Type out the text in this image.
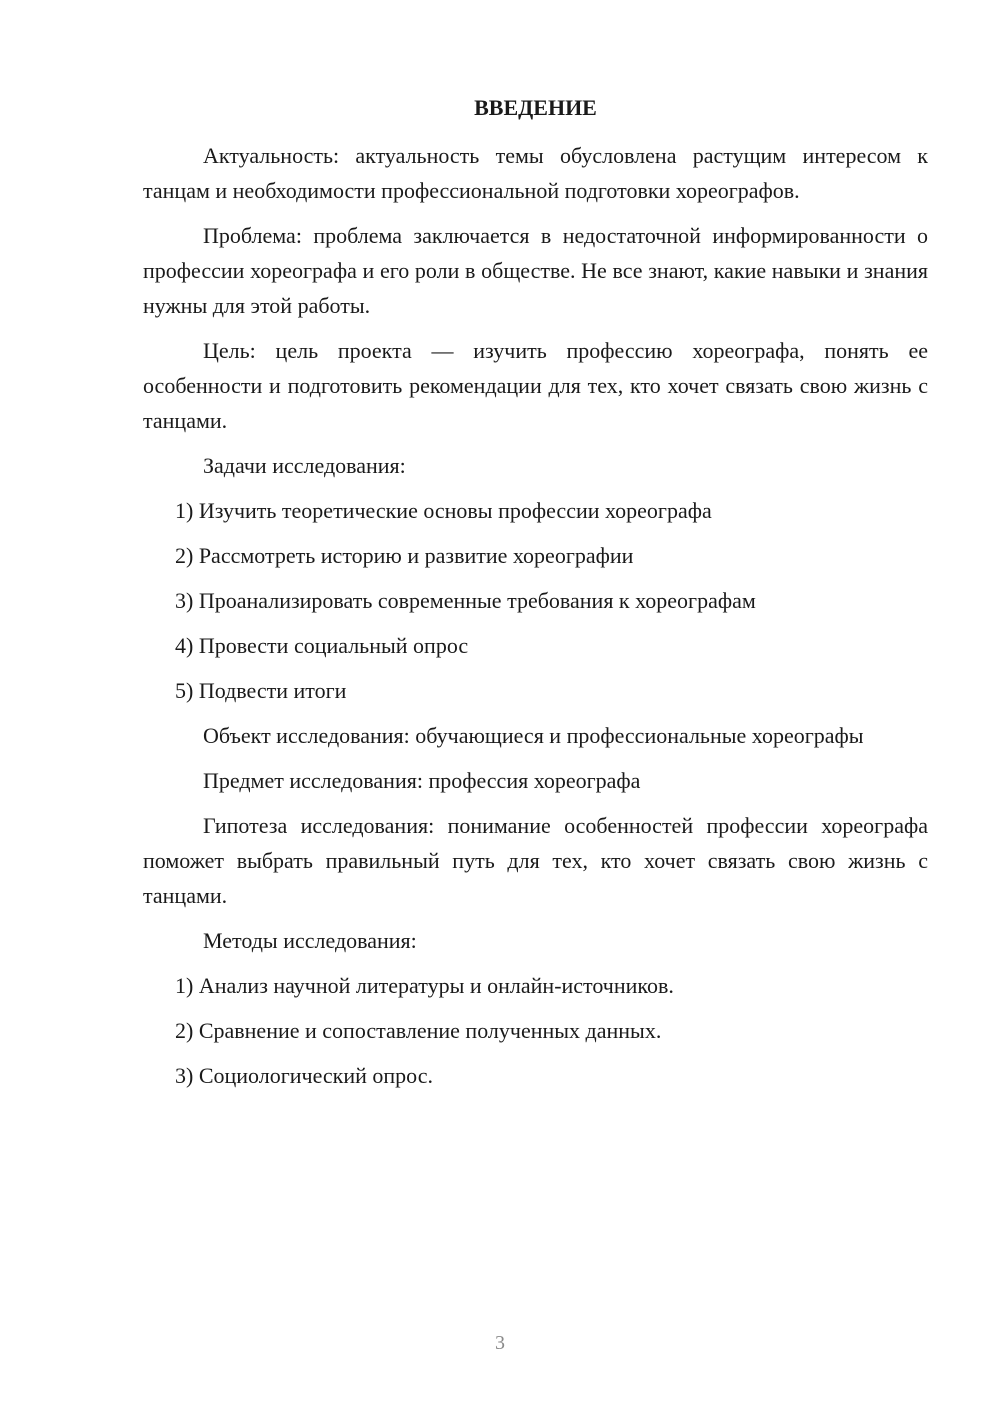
ВВЕДЕНИЕ

Актуальность: актуальность темы обусловлена растущим интересом к танцам и необходимости профессиональной подготовки хореографов.

Проблема: проблема заключается в недостаточной информированности о профессии хореографа и его роли в обществе. Не все знают, какие навыки и знания нужны для этой работы.

Цель: цель проекта — изучить профессию хореографа, понять ее особенности и подготовить рекомендации для тех, кто хочет связать свою жизнь с танцами.

Задачи исследования:

1) Изучить теоретические основы профессии хореографа
2) Рассмотреть историю и развитие хореографии
3) Проанализировать современные требования к хореографам
4) Провести социальный опрос
5) Подвести итоги

Объект исследования: обучающиеся и профессиональные хореографы

Предмет исследования: профессия хореографа

Гипотеза исследования: понимание особенностей профессии хореографа поможет выбрать правильный путь для тех, кто хочет связать свою жизнь с танцами.

Методы исследования:

1) Анализ научной литературы и онлайн-источников.
2) Сравнение и сопоставление полученных данных.
3) Социологический опрос.
3
